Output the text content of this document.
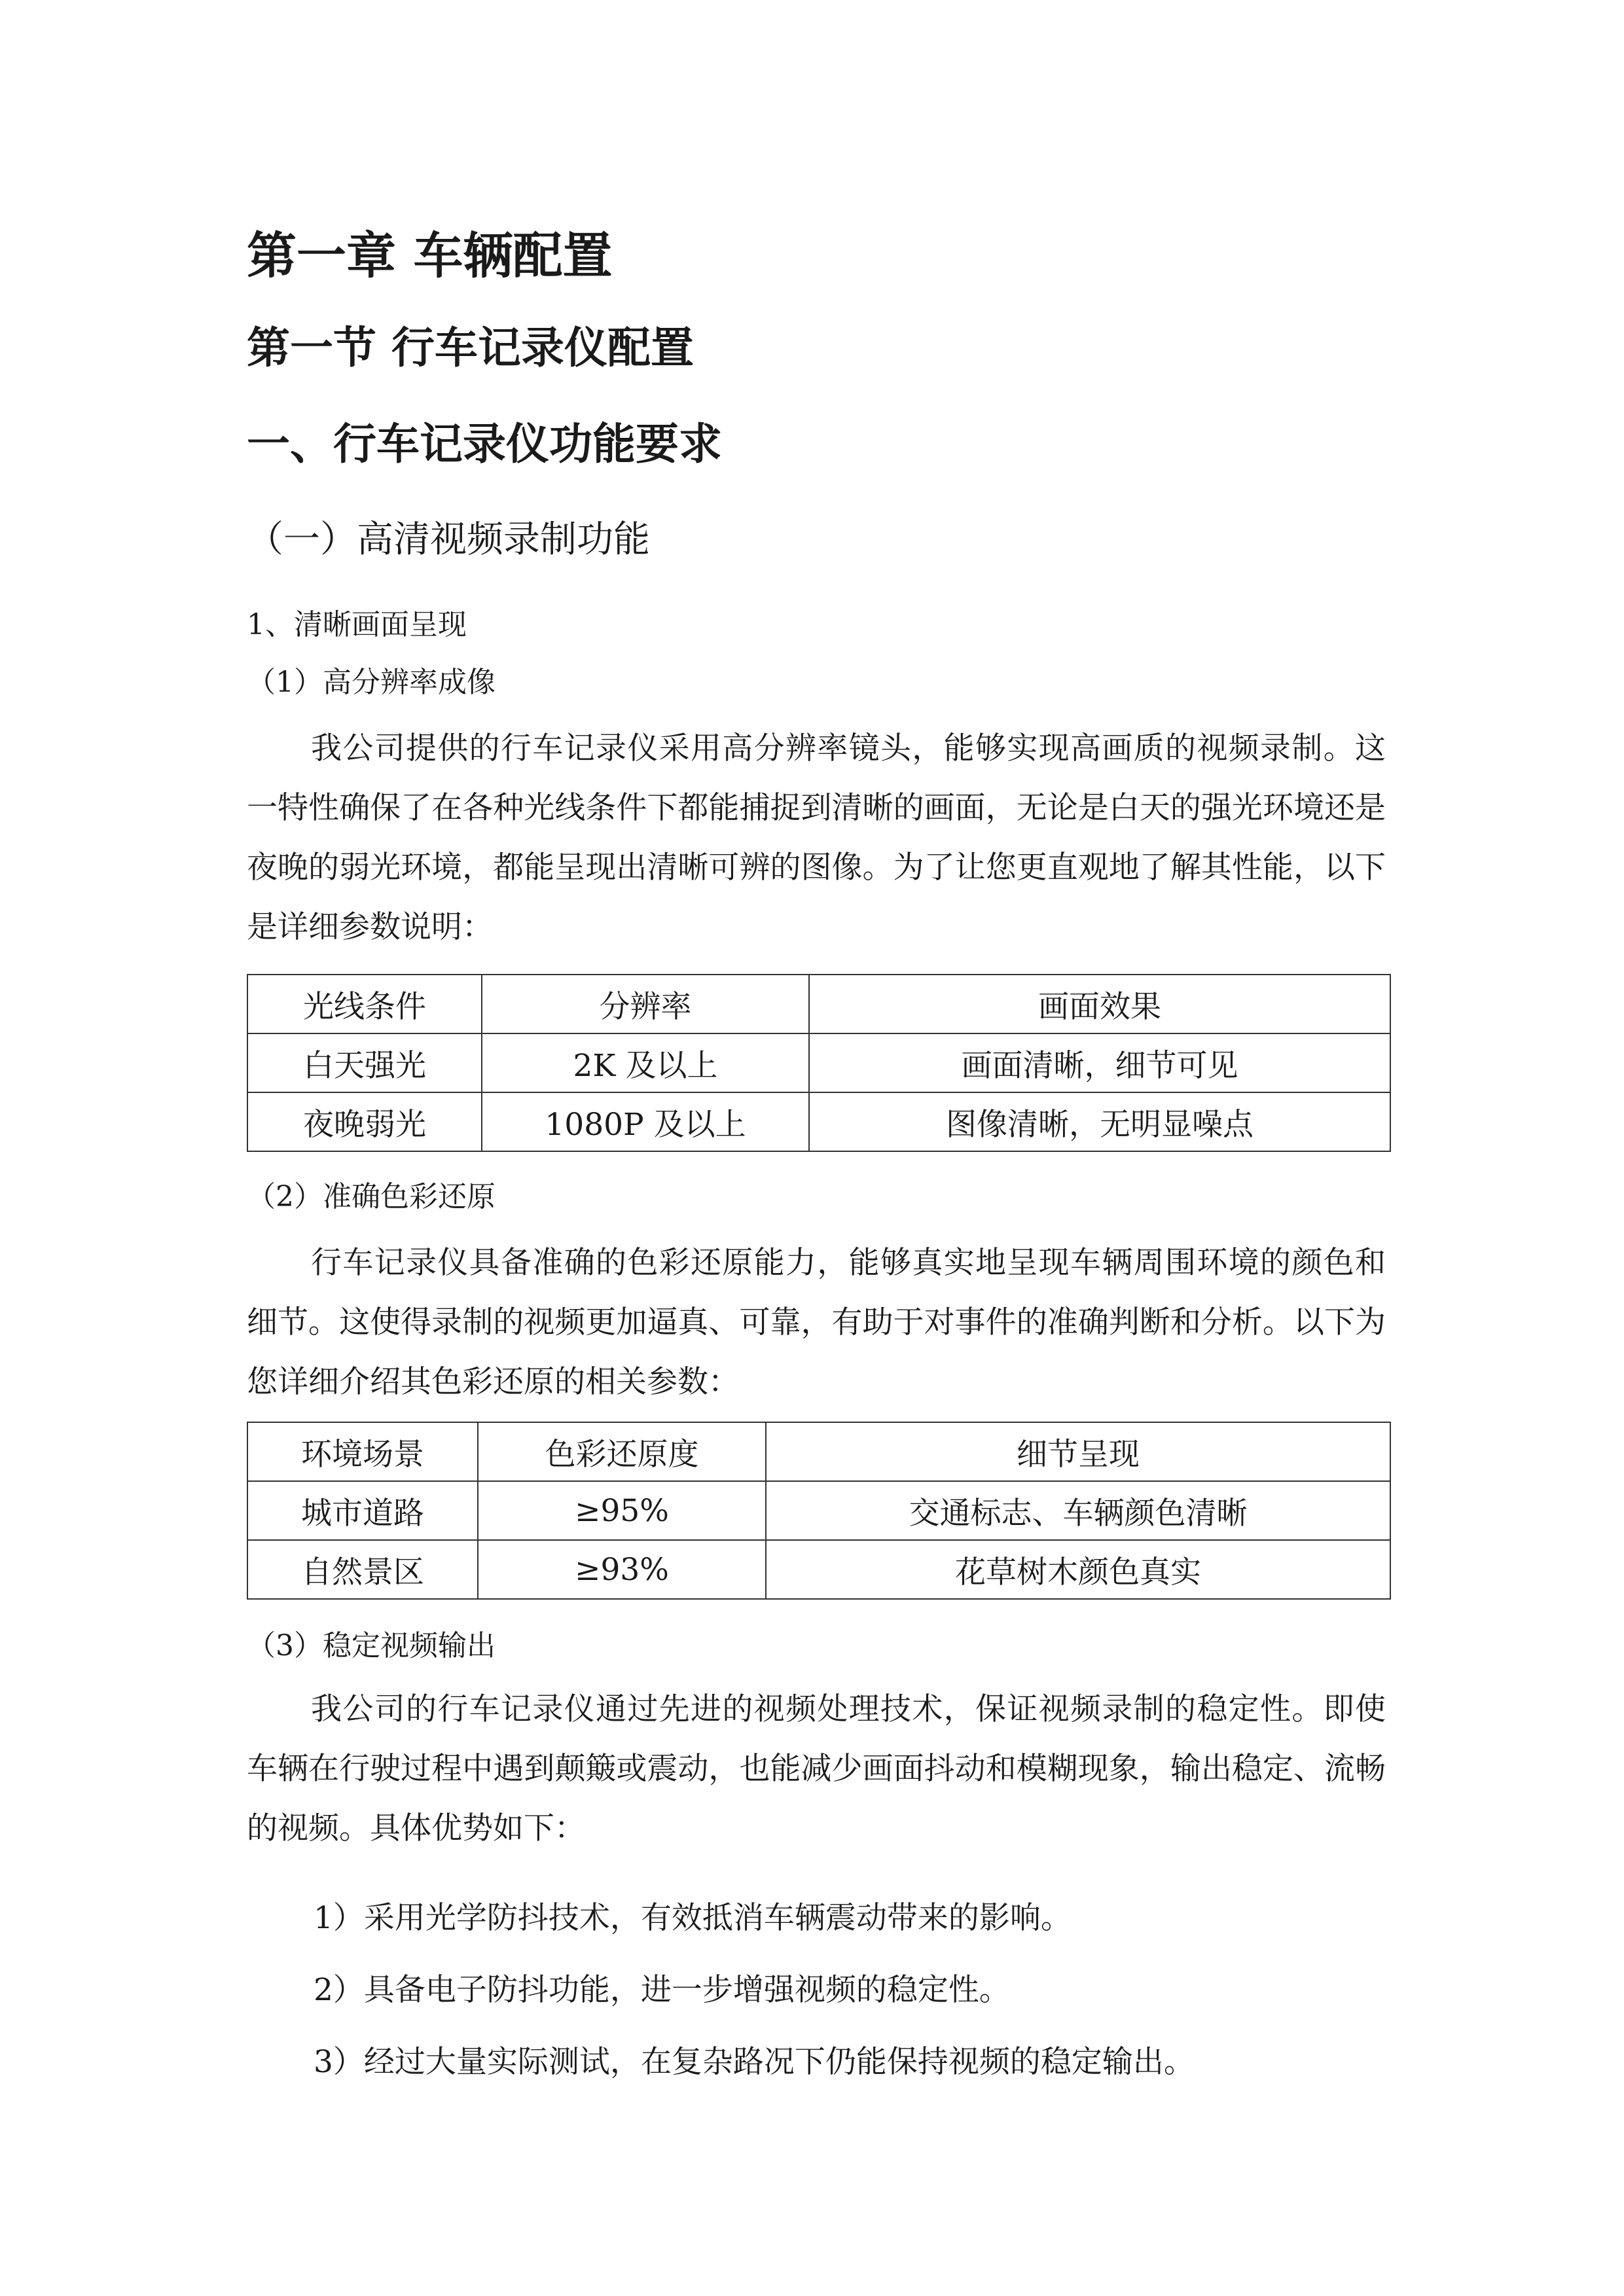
第一章 车辆配置
第一节 行车记录仪配置
一、行车记录仪功能要求
（一）高清视频录制功能

1、清晰画面呈现

（1）高分辨率成像

我公司提供的行车记录仪采用高分辨率镜头，能够实现高画质的视频录制。这一特性确保了在各种光线条件下都能捕捉到清晰的画面，无论是白天的强光环境还是夜晚的弱光环境，都能呈现出清晰可辨的图像。为了让您更直观地了解其性能，以下是详细参数说明：

光线条件	分辨率	画面效果
白天强光	2K 及以上	画面清晰，细节可见
夜晚弱光	1080P 及以上	图像清晰，无明显噪点

（2）准确色彩还原

行车记录仪具备准确的色彩还原能力，能够真实地呈现车辆周围环境的颜色和细节。这使得录制的视频更加逼真、可靠，有助于对事件的准确判断和分析。以下为您详细介绍其色彩还原的相关参数：

环境场景	色彩还原度	细节呈现
城市道路	≥95%	交通标志、车辆颜色清晰
自然景区	≥93%	花草树木颜色真实

（3）稳定视频输出

我公司的行车记录仪通过先进的视频处理技术，保证视频录制的稳定性。即使车辆在行驶过程中遇到颠簸或震动，也能减少画面抖动和模糊现象，输出稳定、流畅的视频。具体优势如下：

1）采用光学防抖技术，有效抵消车辆震动带来的影响。

2）具备电子防抖功能，进一步增强视频的稳定性。

3）经过大量实际测试，在复杂路况下仍能保持视频的稳定输出。
